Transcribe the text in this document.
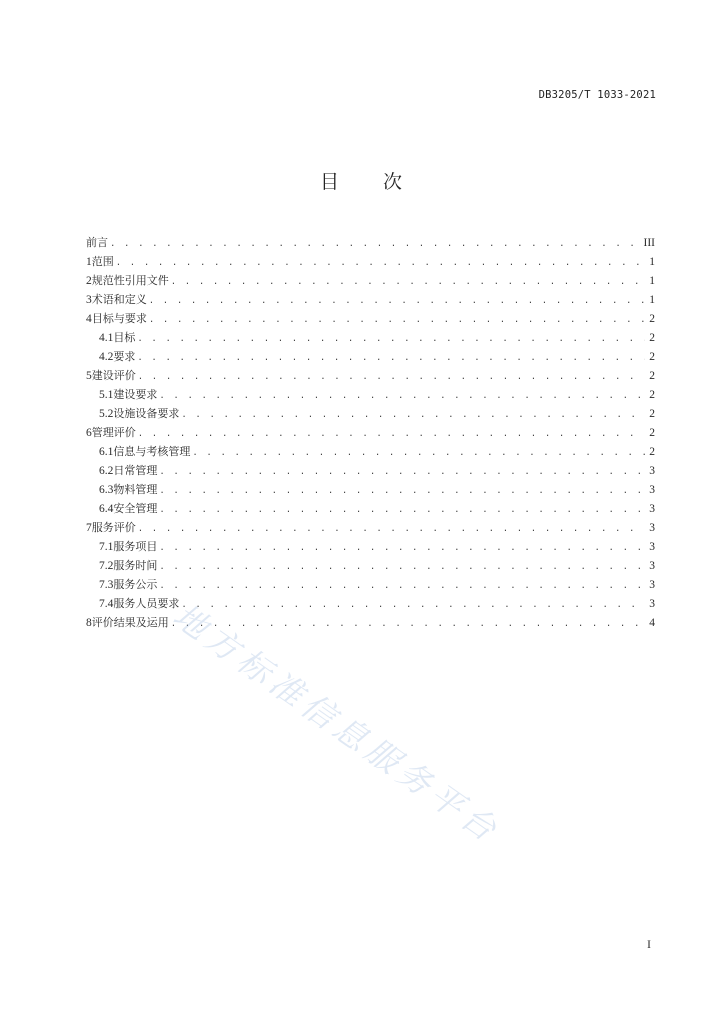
DB3205/T 1033-2021
目 次
前言 . . .	III
1 范围 . . .	1
2 规范性引用文件 . . .	1
3 术语和定义 . . .	1
4 目标与要求 . . .	2
4.1 目标 . . .	2
4.2 要求 . . .	2
5 建设评价 . . .	2
5.1 建设要求 . . .	2
5.2 设施设备要求 . . .	2
6 管理评价 . . .	2
6.1 信息与考核管理 . . .	2
6.2 日常管理 . . .	3
6.3 物料管理 . . .	3
6.4 安全管理 . . .	3
7 服务评价 . . .	3
7.1 服务项目 . . .	3
7.2 服务时间 . . .	3
7.3 服务公示 . . .	3
7.4 服务人员要求 . . .	3
8 评价结果及运用 . . .	4
地方标准信息服务平台
I
